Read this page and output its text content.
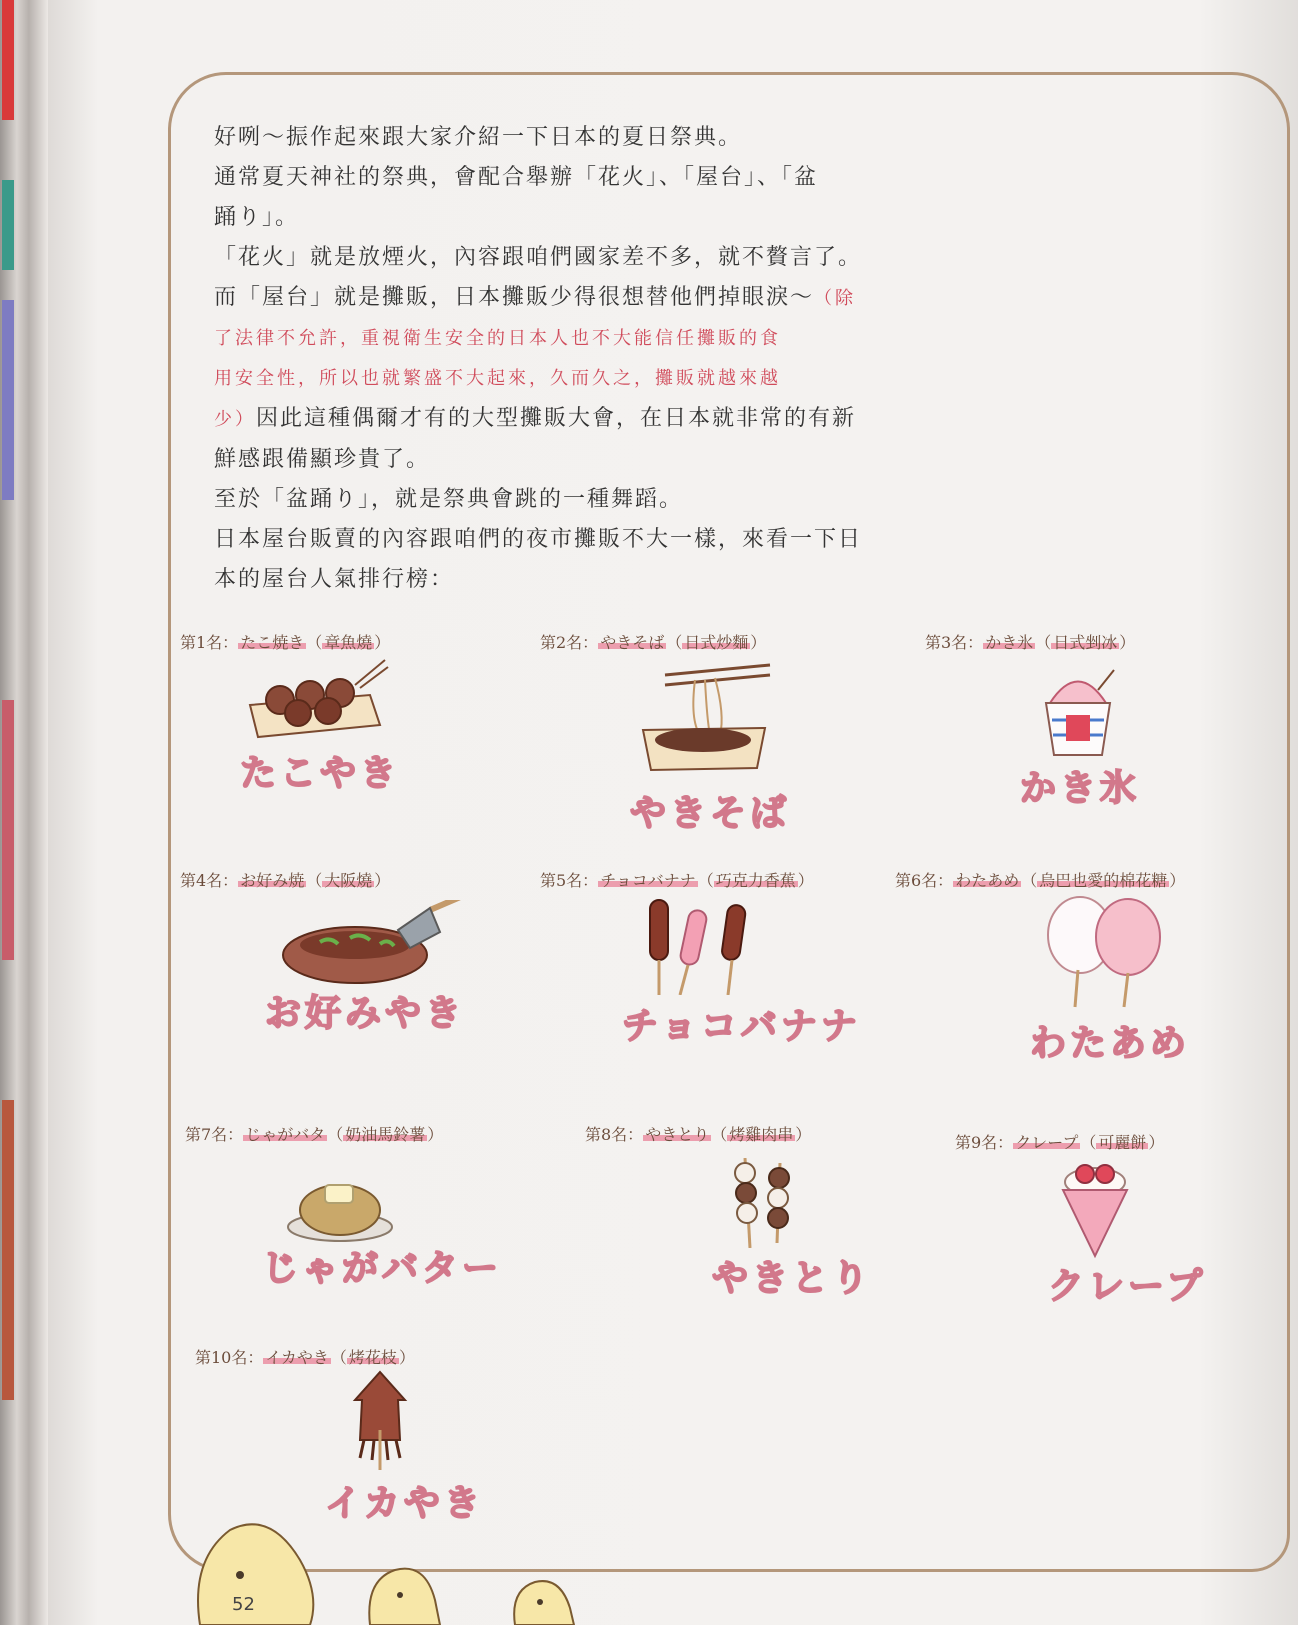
好咧～振作起來跟大家介紹一下日本的夏日祭典。

通常夏天神社的祭典，會配合舉辦「花火」、「屋台」、「盆

踊り」。

「花火」就是放煙火，內容跟咱們國家差不多，就不贅言了。

而「屋台」就是攤販，日本攤販少得很想替他們掉眼淚～（除

了法律不允許，重視衛生安全的日本人也不大能信任攤販的食

用安全性，所以也就繁盛不大起來，久而久之，攤販就越來越

少）因此這種偶爾才有的大型攤販大會，在日本就非常的有新

鮮感跟備顯珍貴了。

至於「盆踊り」，就是祭典會跳的一種舞蹈。

日本屋台販賣的內容跟咱們的夜市攤販不大一樣，來看一下日

本的屋台人氣排行榜：

第1名： たこ焼き （ 章魚燒 ）
たこやき
第2名： やきそば （ 日式炒麵 ）
やきそば
第3名： かき氷 （ 日式剉冰 ）
かき氷
第4名： お好み焼 （ 大阪燒 ）
お好みやき
第5名： チョコバナナ （ 巧克力香蕉 ）
チョコバナナ
第6名： わたあめ （ 烏巴也愛的棉花糖 ）
わたあめ
第7名： じゃがバタ （ 奶油馬鈴薯 ）
じゃがバター
第8名： やきとり （ 烤雞肉串 ）
やきとり
第9名： クレープ （ 可麗餅 ）
クレープ
第10名： イカやき （ 烤花枝 ）
イカやき
52
